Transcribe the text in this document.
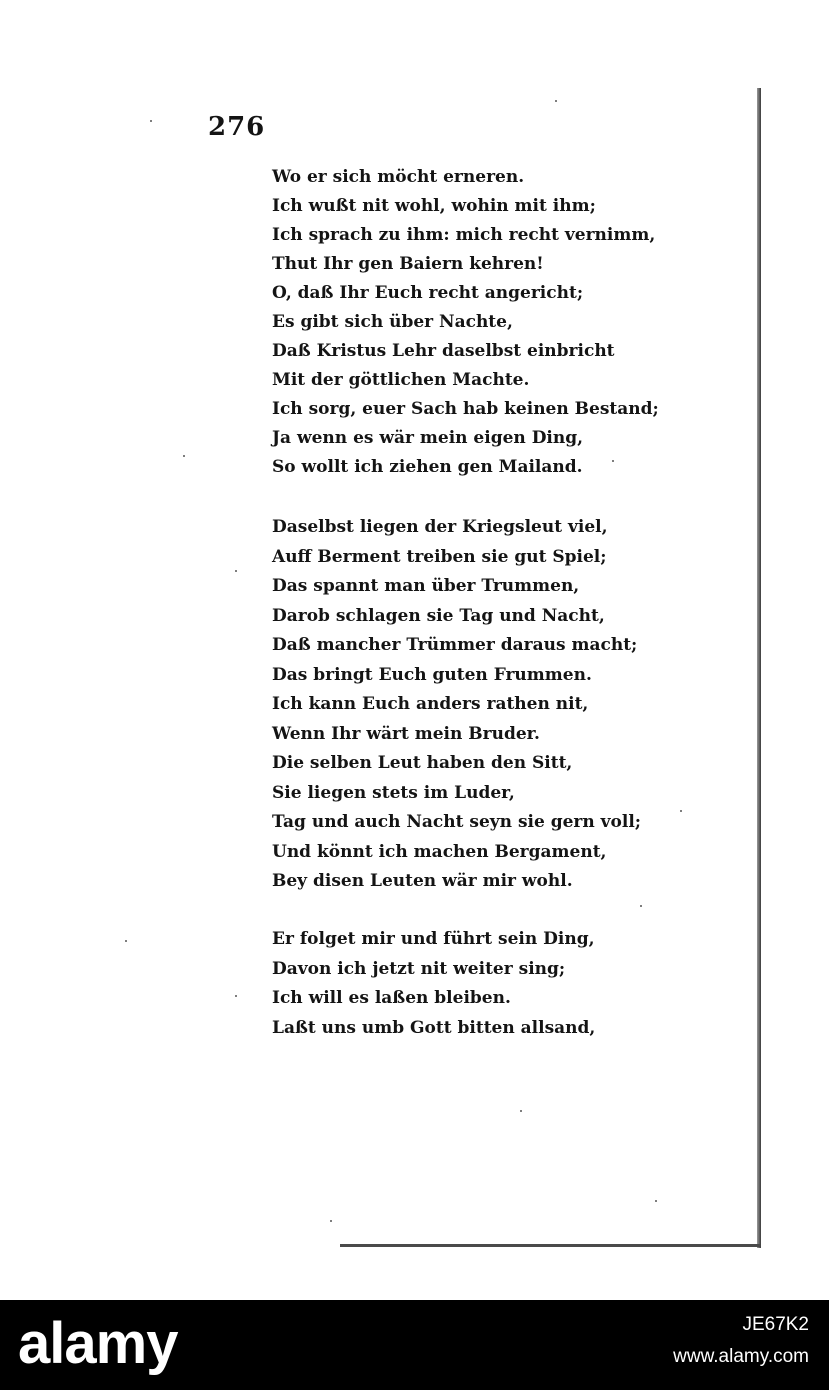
276
Wo er sich möcht erneren.
Ich wußt nit wohl, wohin mit ihm;
Ich sprach zu ihm: mich recht vernimm,
Thut Ihr gen Baiern kehren!
O, daß Ihr Euch recht angericht;
Es gibt sich über Nachte,
Daß Kristus Lehr daselbst einbricht
Mit der göttlichen Machte.
Ich sorg, euer Sach hab keinen Bestand;
Ja wenn es wär mein eigen Ding,
So wollt ich ziehen gen Mailand.
Daselbst liegen der Kriegsleut viel,
Auff Berment treiben sie gut Spiel;
Das spannt man über Trummen,
Darob schlagen sie Tag und Nacht,
Daß mancher Trümmer daraus macht;
Das bringt Euch guten Frummen.
Ich kann Euch anders rathen nit,
Wenn Ihr wärt mein Bruder.
Die selben Leut haben den Sitt,
Sie liegen stets im Luder,
Tag und auch Nacht seyn sie gern voll;
Und könnt ich machen Bergament,
Bey disen Leuten wär mir wohl.
Er folget mir und führt sein Ding,
Davon ich jetzt nit weiter sing;
Ich will es laßen bleiben.
Laßt uns umb Gott bitten allsand,
alamy	JE67K2
www.alamy.com
